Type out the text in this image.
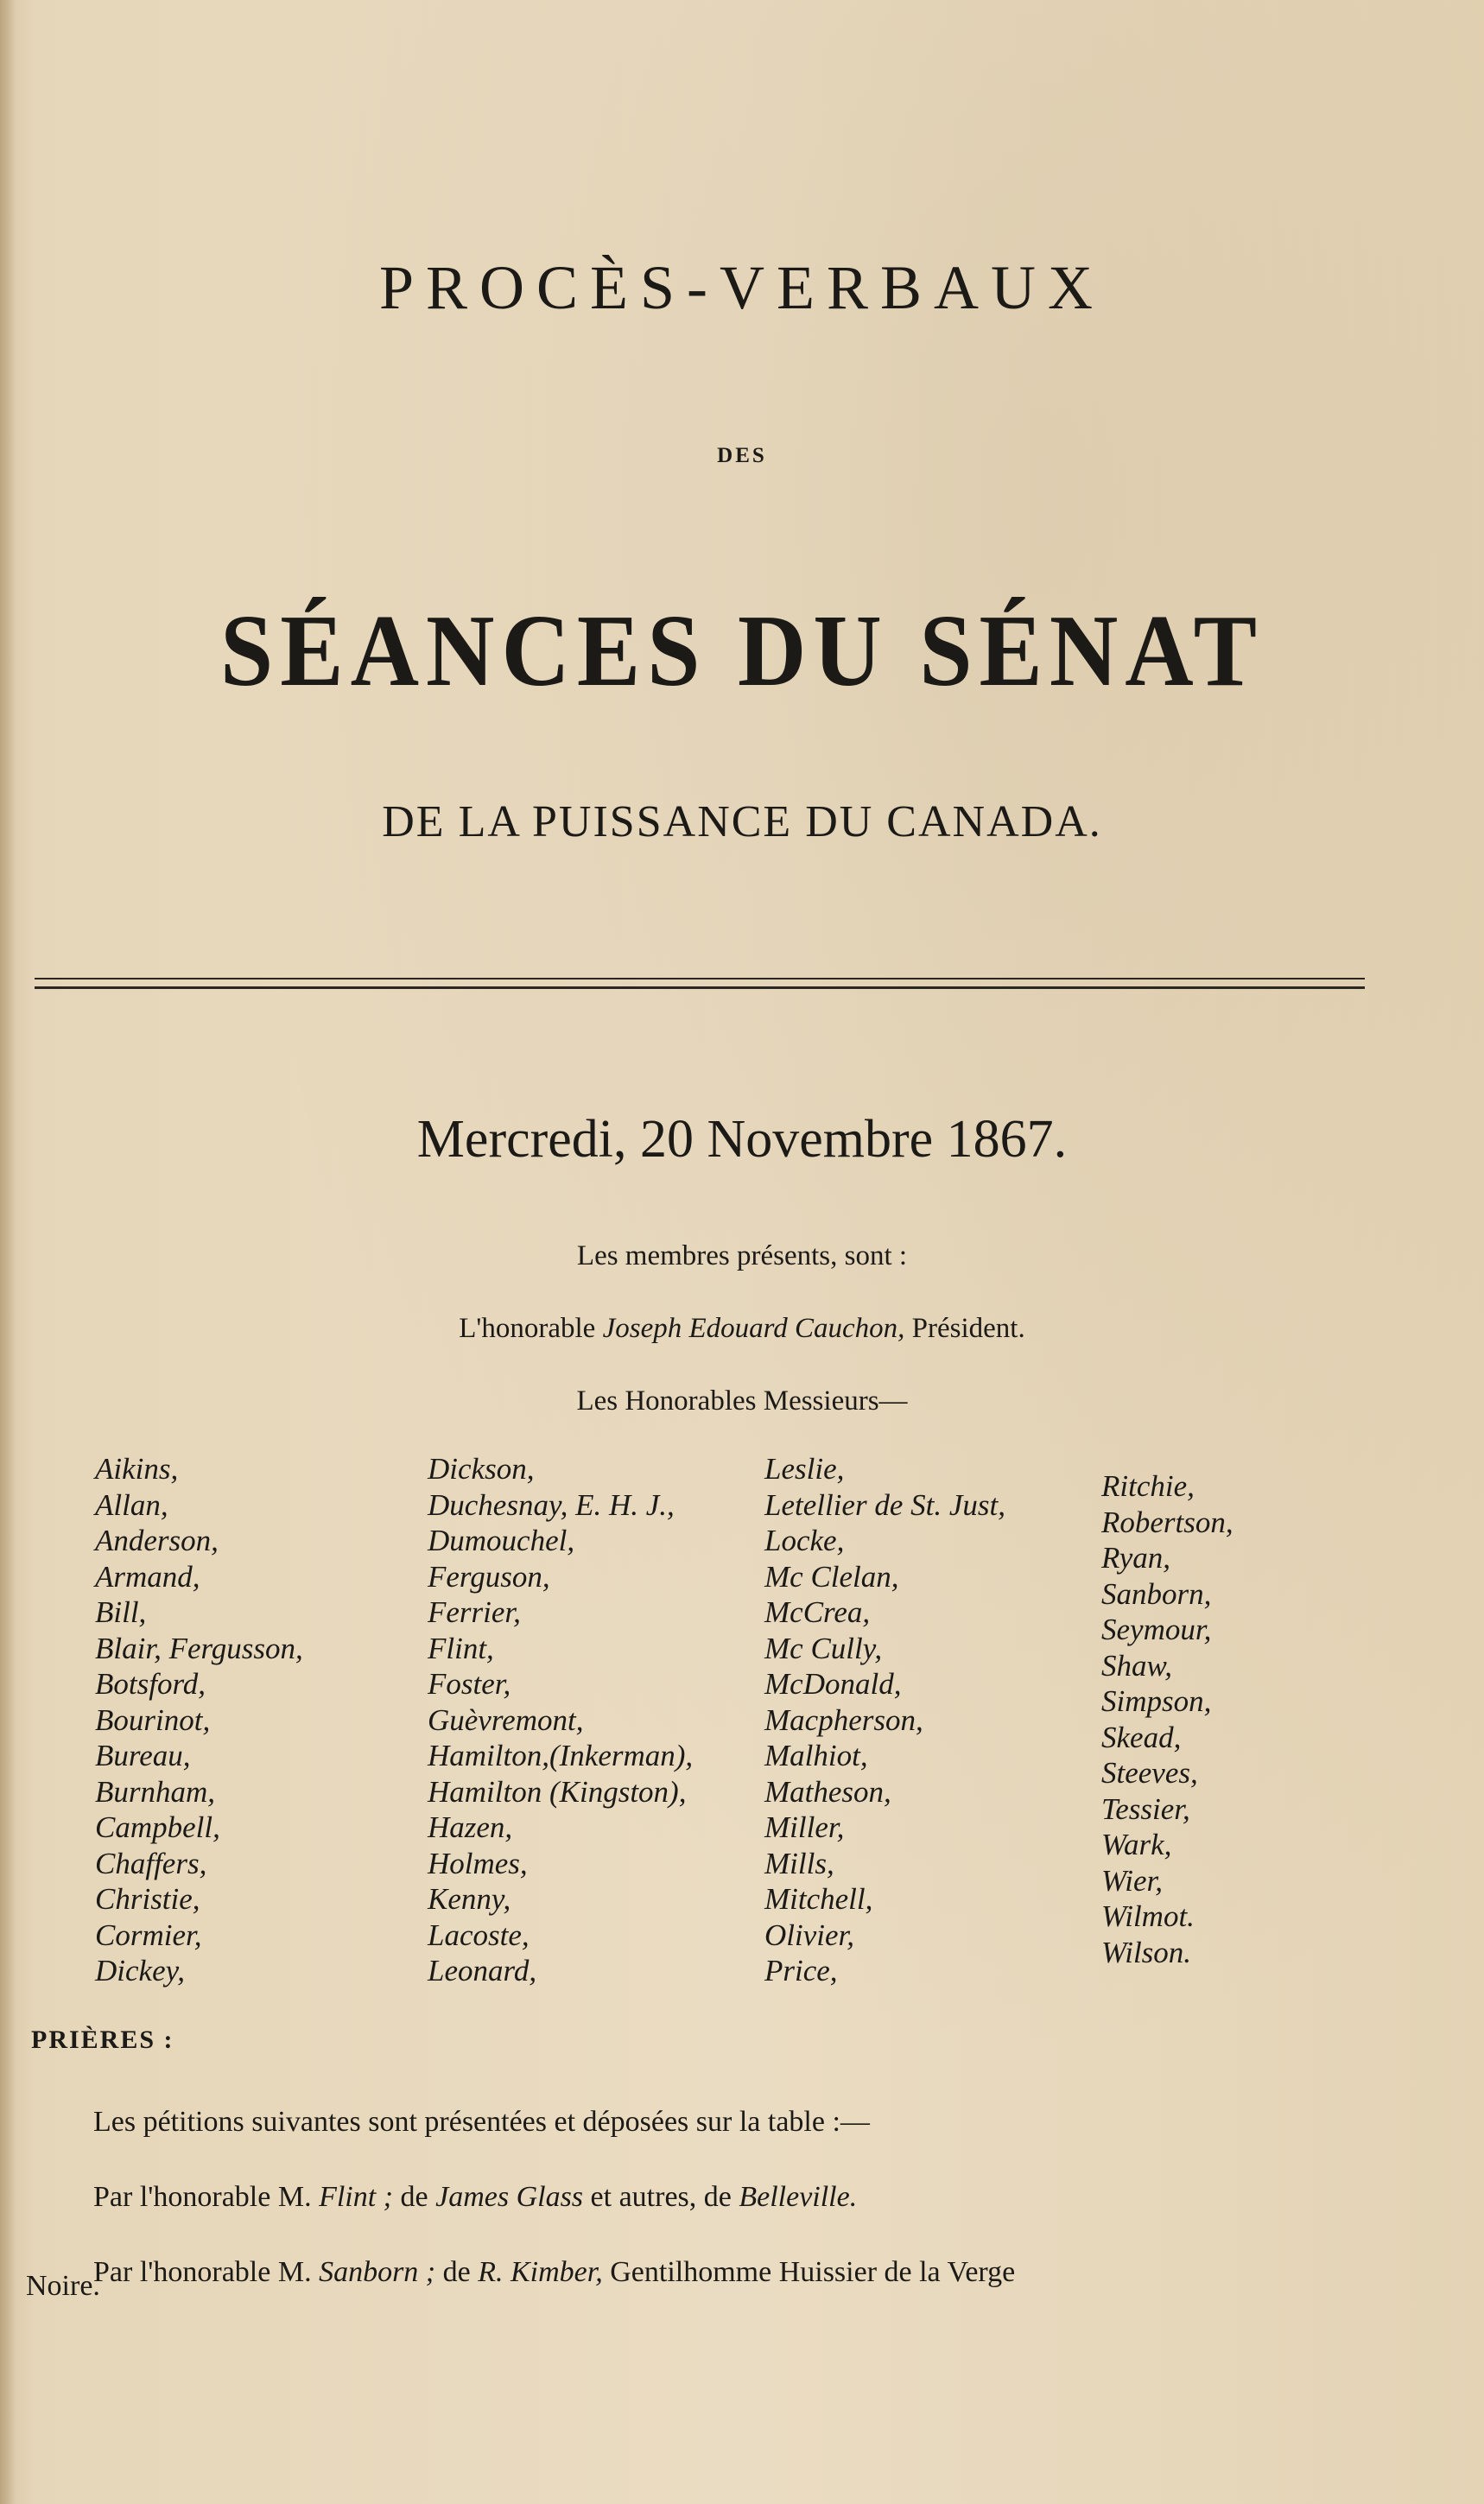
PROCÈS-VERBAUX
DES
SÉANCES DU SÉNAT
DE LA PUISSANCE DU CANADA.
Mercredi, 20 Novembre 1867.
Les membres présents, sont :
L'honorable Joseph Edouard Cauchon, Président.
Les Honorables Messieurs—
Aikins,
Allan,
Anderson,
Armand,
Bill,
Blair, Fergusson,
Botsford,
Bourinot,
Bureau,
Burnham,
Campbell,
Chaffers,
Christie,
Cormier,
Dickey,
Dickson,
Duchesnay, E. H. J.,
Dumouchel,
Ferguson,
Ferrier,
Flint,
Foster,
Guèvremont,
Hamilton,(Inkerman),
Hamilton (Kingston),
Hazen,
Holmes,
Kenny,
Lacoste,
Leonard,
Leslie,
Letellier de St. Just,
Locke,
Mc Clelan,
McCrea,
Mc Cully,
McDonald,
Macpherson,
Malhiot,
Matheson,
Miller,
Mills,
Mitchell,
Olivier,
Price,
Ritchie,
Robertson,
Ryan,
Sanborn,
Seymour,
Shaw,
Simpson,
Skead,
Steeves,
Tessier,
Wark,
Wier,
Wilmot.
Wilson.
PRIÈRES :
Les pétitions suivantes sont présentées et déposées sur la table :—
Par l'honorable M. Flint ; de James Glass et autres, de Belleville.
Par l'honorable M. Sanborn ; de R. Kimber, Gentilhomme Huissier de la Verge
Noire.
